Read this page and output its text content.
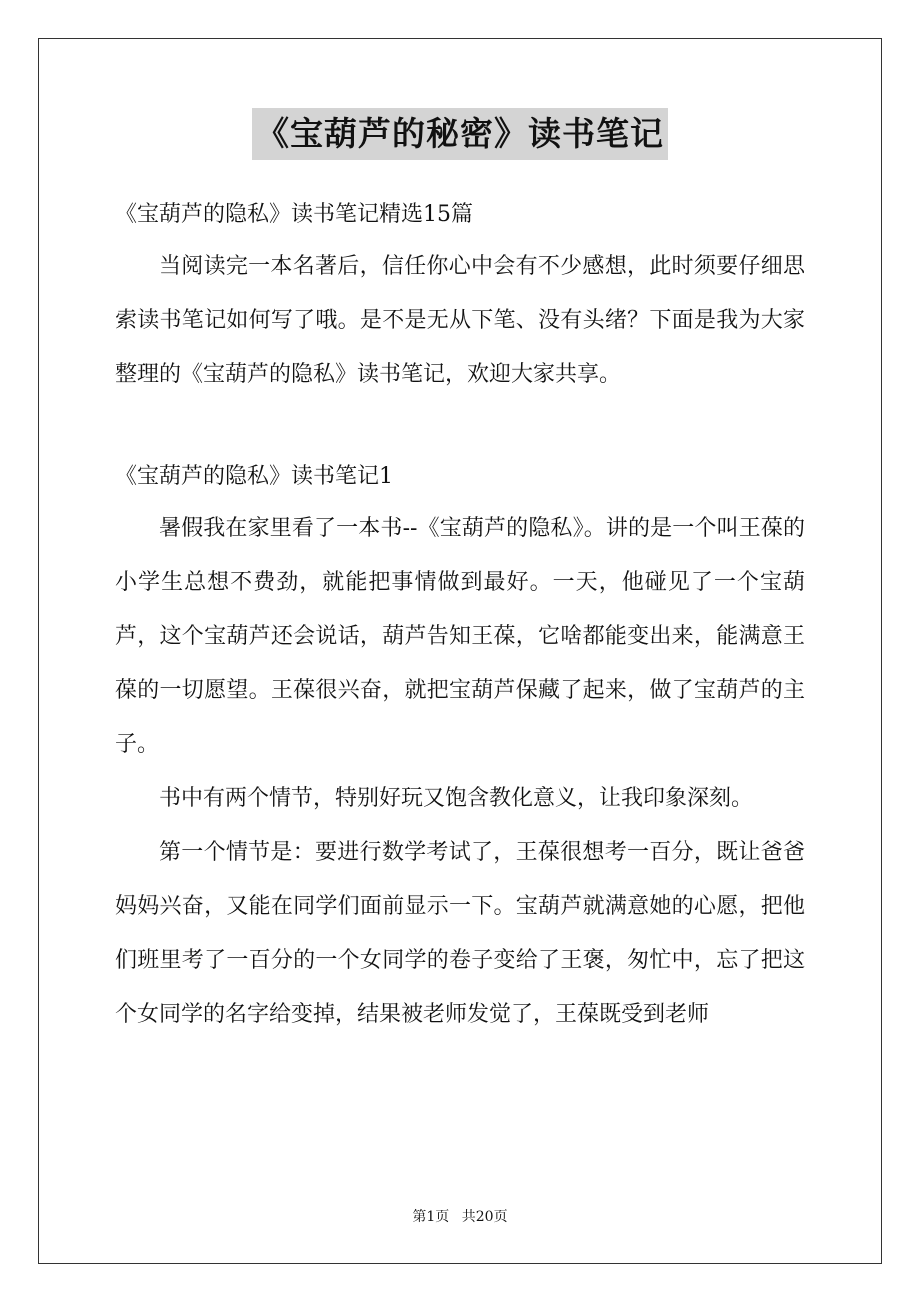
《宝葫芦的秘密》读书笔记

《宝葫芦的隐私》读书笔记精选15篇

当阅读完一本名著后，信任你心中会有不少感想，此时须要仔细思索读书笔记如何写了哦。是不是无从下笔、没有头绪？下面是我为大家整理的《宝葫芦的隐私》读书笔记，欢迎大家共享。

《宝葫芦的隐私》读书笔记1

暑假我在家里看了一本书--《宝葫芦的隐私》。讲的是一个叫王葆的小学生总想不费劲，就能把事情做到最好。一天，他碰见了一个宝葫芦，这个宝葫芦还会说话，葫芦告知王葆，它啥都能变出来，能满意王葆的一切愿望。王葆很兴奋，就把宝葫芦保藏了起来，做了宝葫芦的主子。

书中有两个情节，特别好玩又饱含教化意义，让我印象深刻。

第一个情节是：要进行数学考试了，王葆很想考一百分，既让爸爸妈妈兴奋，又能在同学们面前显示一下。宝葫芦就满意她的心愿，把他们班里考了一百分的一个女同学的卷子变给了王褒，匆忙中，忘了把这个女同学的名字给变掉，结果被老师发觉了，王葆既受到老师

第1页 共20页
